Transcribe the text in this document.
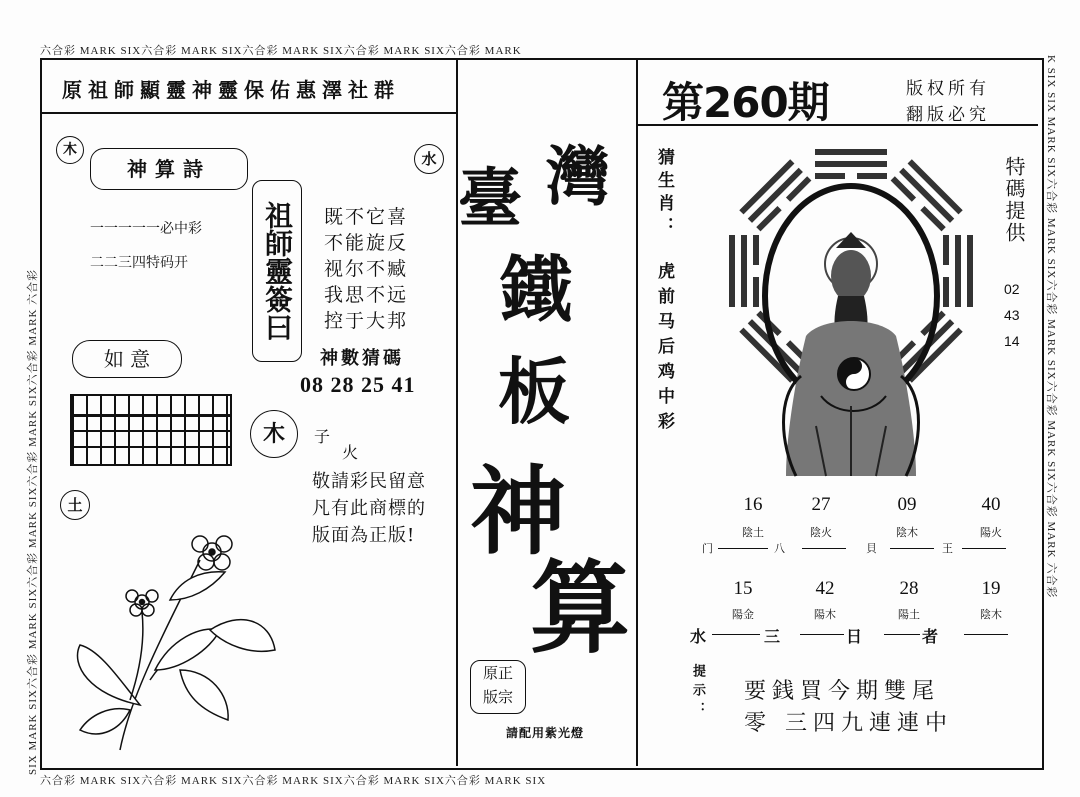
六合彩 MARK SIX六合彩 MARK SIX六合彩 MARK SIX六合彩 MARK SIX六合彩 MARK
六合彩 MARK SIX六合彩 MARK SIX六合彩 MARK SIX六合彩 MARK SIX六合彩 MARK SIX
SIX MARK SIX六合彩 MARK SIX六合彩 MARK SIX六合彩 MARK SIX六合彩 MARK 六合彩	K SIX SIX MARK SIX六合彩 MARK SIX六合彩 MARK SIX六合彩 MARK SIX六合彩 MARK 六合彩
原祖師顯靈神靈保佑惠澤社群	第260期	版权所有
翻版必究
木	水
神算詩
一一一一一必中彩
二二三四特码开	祖師靈簽曰	既不它喜
不能旋反
视尔不臧
我思不远
控于大邦
神數猜碼
08 28 25 41
如 意
木	子
火
敬請彩民留意
凡有此商標的
版面為正版!
土
臺 灣
鐵
板
神
算
原正
版宗
請配用紫光燈
猜生肖：
虎前马后鸡中彩
特碼提供
02
43
14
16	27	09	40
陰土	陰火	陰木	陽火
门	八	貝	王
15	42	28	19
陽金	陽木	陽土	陰木
水	三	日	者
提示： 要銭買今期雙尾
零 三四九連連中
